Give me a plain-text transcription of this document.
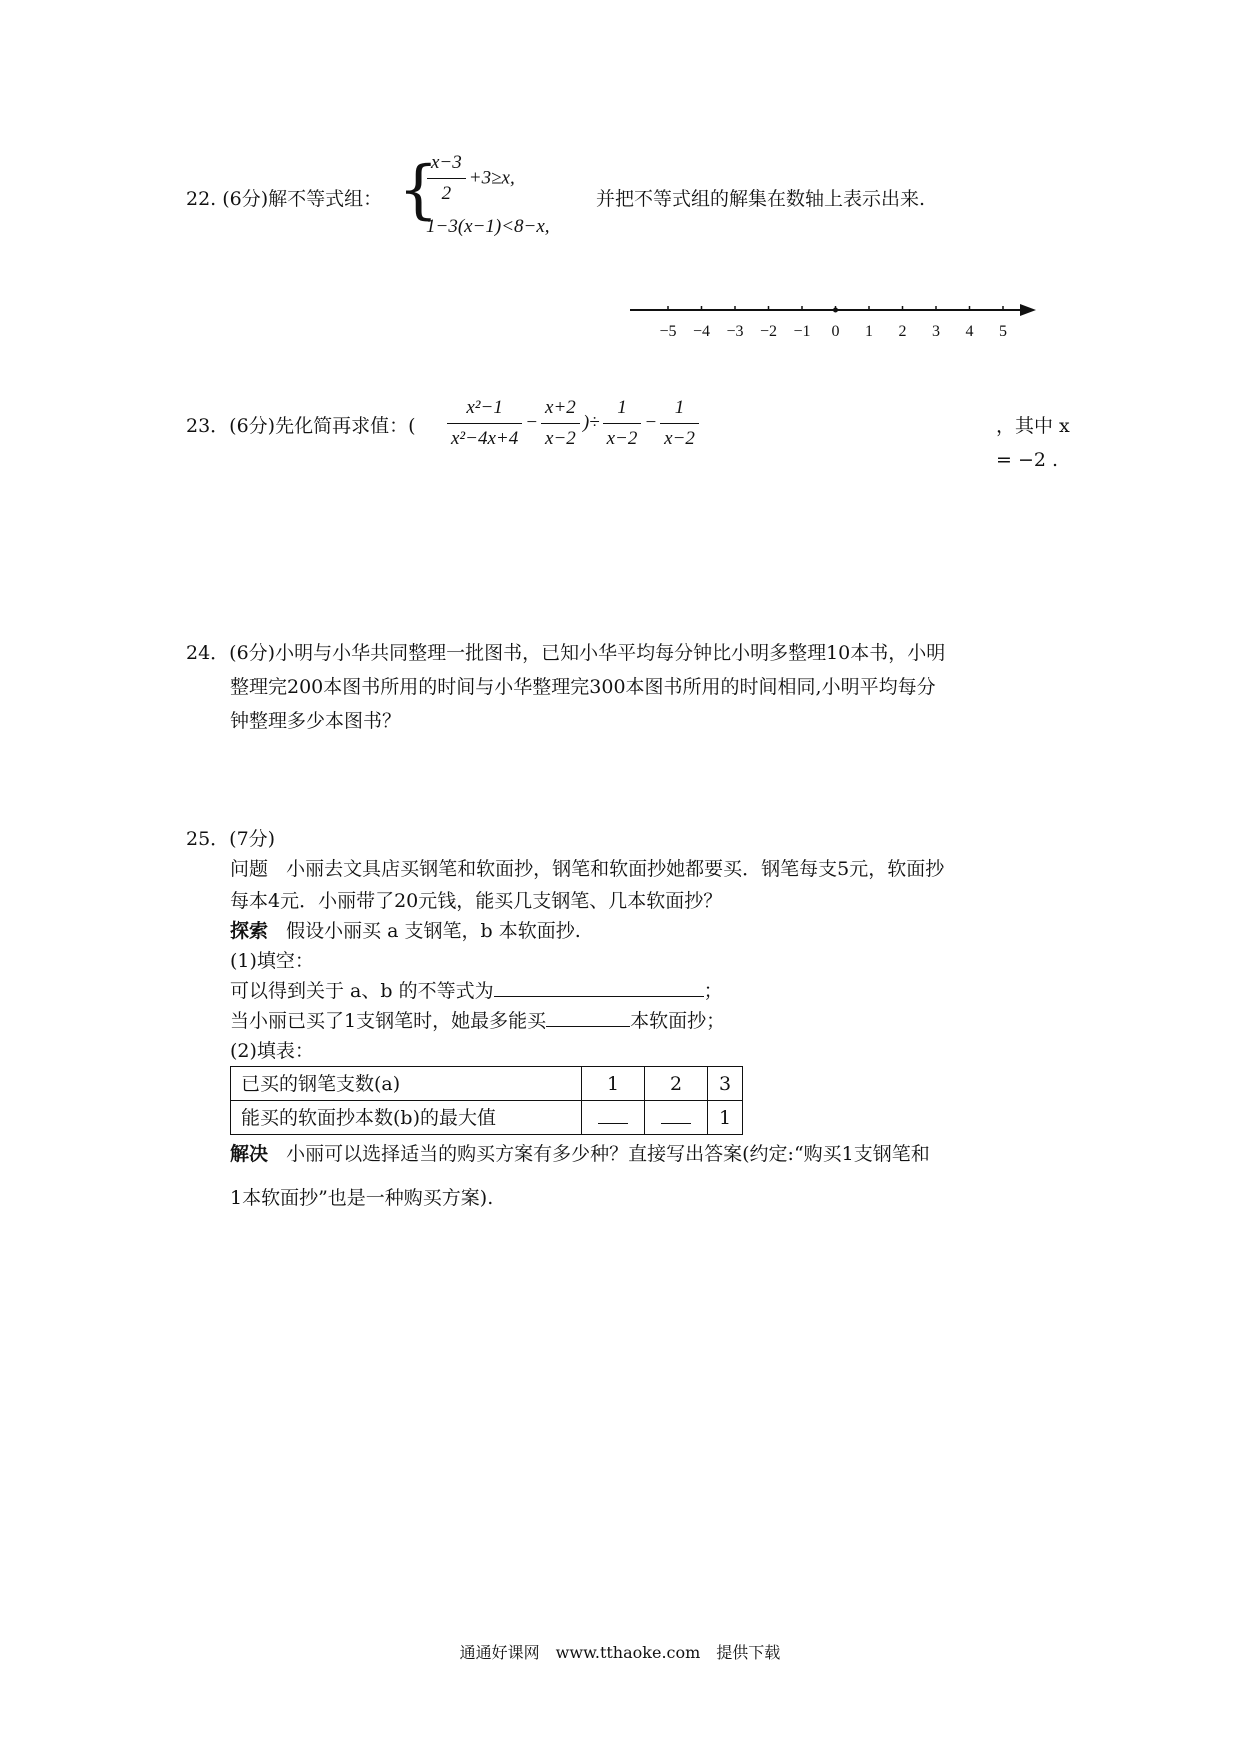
22. (6分)解不等式组： {
$\frac{x-3}{2} +3\ge x$,
1−3(x−1)<8−x,
并把不等式组的解集在数轴上表示出来.
−5 −4 −3 −2 −1 0 1 2 3 4 5
23．(6分)先化简再求值：( $\frac{\text{x²−1}}{\text{x²−4x+4}} - \frac{x+2}{x-2}$ )÷ $\frac{1}{x-2} - \frac{1}{x-2}$	，其中 x = −2 .
24．(6分)小明与小华共同整理一批图书，已知小华平均每分钟比小明多整理10本书，小明
整理完200本图书所用的时间与小华整理完300本图书所用的时间相同,小明平均每分
钟整理多少本图书？
25．(7分)
问题 小丽去文具店买钢笔和软面抄，钢笔和软面抄她都要买．钢笔每支5元，软面抄
每本4元．小丽带了20元钱，能买几支钢笔、几本软面抄？
探索 假设小丽买 a 支钢笔，b 本软面抄.
(1)填空：
可以得到关于 a、b 的不等式为	；
当小丽已买了1支钢笔时，她最多能买	本软面抄；
(2)填表：
已买的钢笔支数(a)	1	2	3
能买的软面抄本数(b)的最大值			1
解决 小丽可以选择适当的购买方案有多少种？直接写出答案(约定:“购买1支钢笔和
1本软面抄”也是一种购买方案).
通通好课网　www.tthaoke.com　提供下载
